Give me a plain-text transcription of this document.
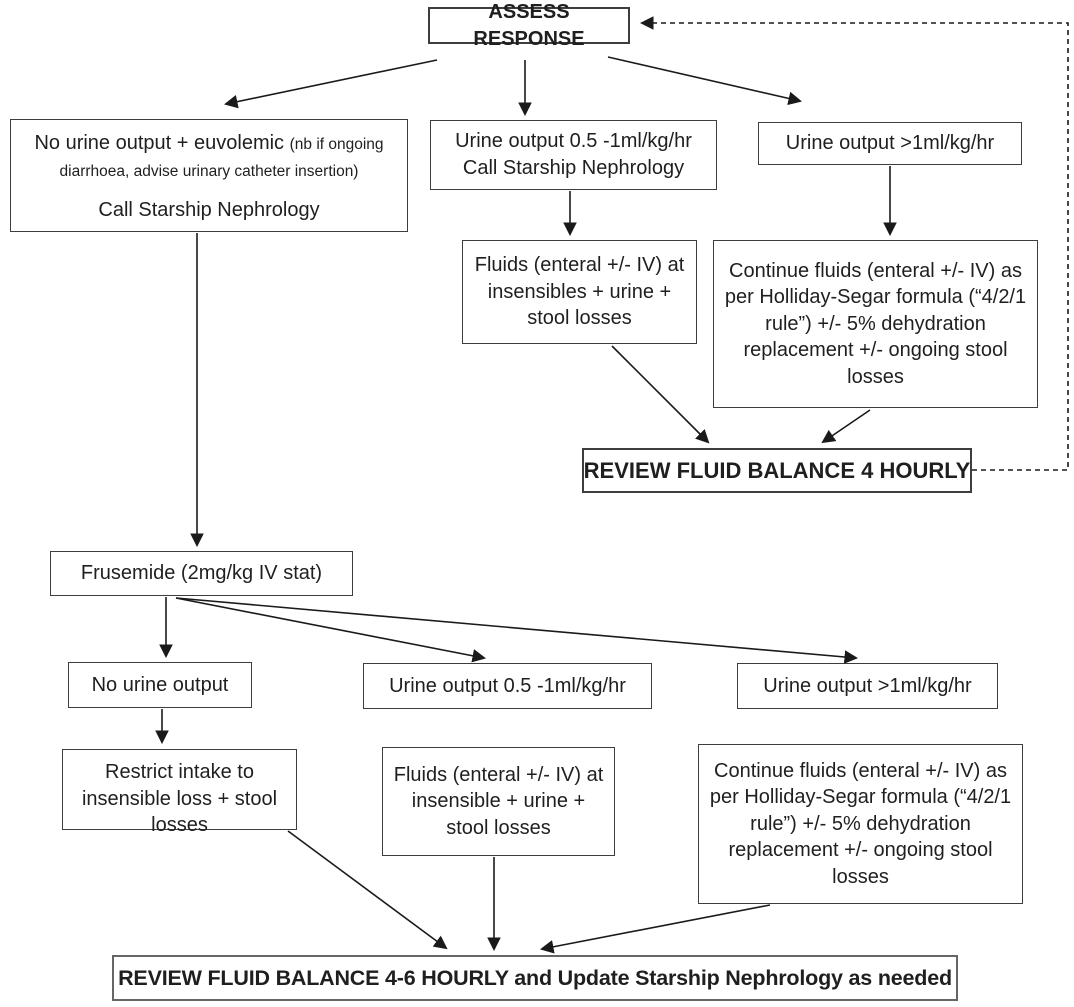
ASSESS RESPONSE
No urine output + euvolemic (nb if ongoing diarrhoea, advise urinary catheter insertion)
Call Starship Nephrology
Urine output 0.5 -1ml/kg/hr
Call Starship Nephrology
Urine output >1ml/kg/hr
Fluids (enteral +/- IV) at insensibles + urine + stool losses
Continue fluids (enteral +/- IV) as per Holliday-Segar formula (“4/2/1 rule”) +/- 5% dehydration replacement +/- ongoing stool losses
REVIEW FLUID BALANCE 4 HOURLY
Frusemide (2mg/kg IV stat)
No urine output
Restrict intake to insensible loss + stool
losses
Urine output 0.5 -1ml/kg/hr
Fluids (enteral +/- IV) at insensible + urine + stool losses
Urine output >1ml/kg/hr
Continue fluids (enteral +/- IV) as per Holliday-Segar formula (“4/2/1 rule”) +/- 5% dehydration replacement +/- ongoing stool losses
REVIEW FLUID BALANCE 4-6 HOURLY and Update Starship Nephrology as needed
